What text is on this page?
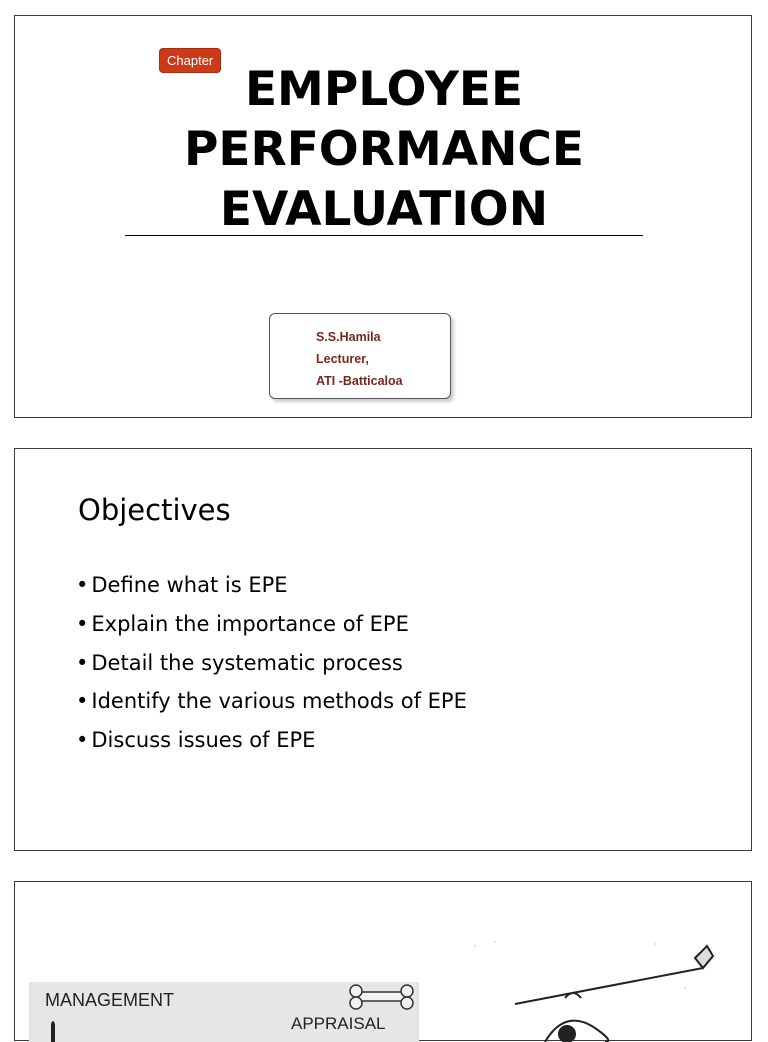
Chapter
EMPLOYEE
PERFORMANCE
EVALUATION
S.S.Hamila
Lecturer,
ATI -Batticaloa
Objectives
• Define what is EPE
• Explain the importance of EPE
• Detail the systematic process
• Identify the various methods of EPE
• Discuss issues of EPE
MANAGEMENT
APPRAISAL
